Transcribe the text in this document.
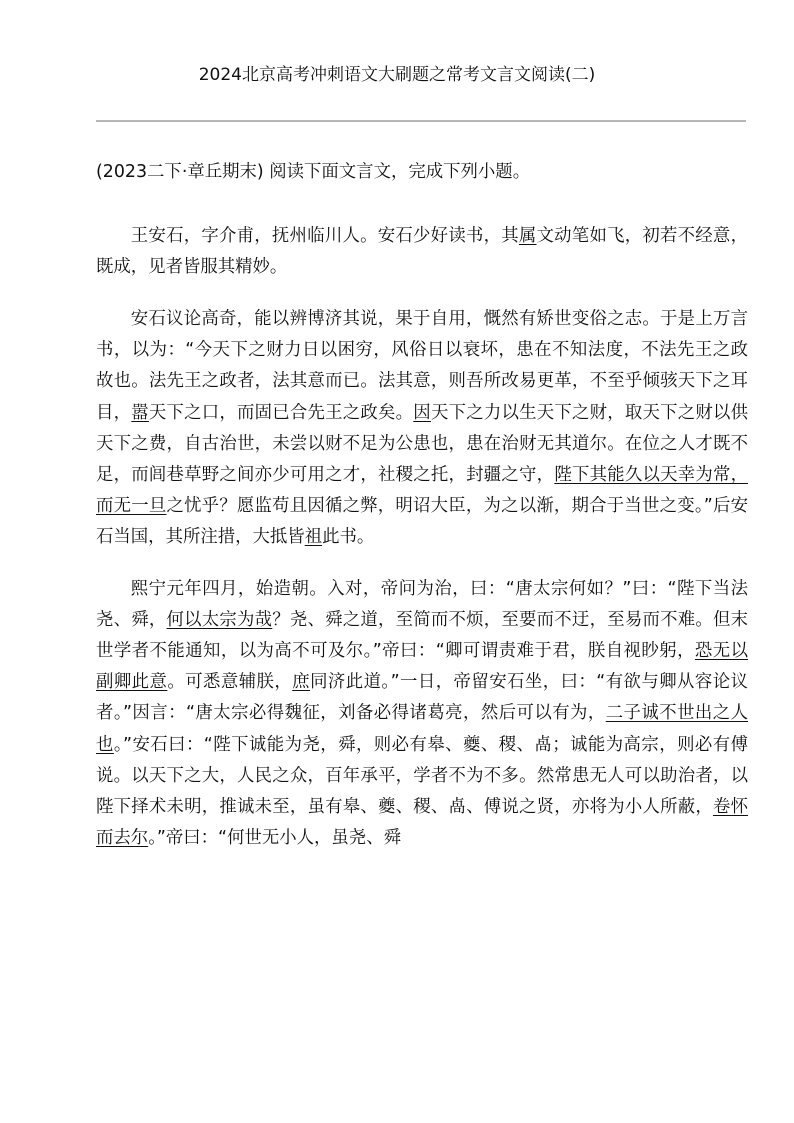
2024北京高考冲刺语文大刷题之常考文言文阅读(二)

(2023二下·章丘期末) 阅读下面文言文，完成下列小题。

王安石，字介甫，抚州临川人。安石少好读书，其属文动笔如飞，初若不经意，既成，见者皆服其精妙。

安石议论高奇，能以辨博济其说，果于自用，慨然有矫世变俗之志。于是上万言书，以为：“今天下之财力日以困穷，风俗日以衰坏，患在不知法度，不法先王之政故也。法先王之政者，法其意而已。法其意，则吾所改易更革，不至乎倾骇天下之耳目，嚣天下之口，而固已合先王之政矣。因天下之力以生天下之财，取天下之财以供天下之费，自古治世，未尝以财不足为公患也，患在治财无其道尔。在位之人才既不足，而闾巷草野之间亦少可用之才，社稷之托，封疆之守，陛下其能久以天幸为常，而无一旦之忧乎？愿监苟且因循之弊，明诏大臣，为之以渐，期合于当世之变。”后安石当国，其所注措，大抵皆祖此书。

熙宁元年四月，始造朝。入对，帝问为治，曰：“唐太宗何如？”曰：“陛下当法尧、舜，何以太宗为哉？尧、舜之道，至简而不烦，至要而不迂，至易而不难。但末世学者不能通知，以为高不可及尔。”帝曰：“卿可谓责难于君，朕自视眇躬，恐无以副卿此意。可悉意辅朕，庶同济此道。”一日，帝留安石坐，曰：“有欲与卿从容论议者。”因言：“唐太宗必得魏征，刘备必得诸葛亮，然后可以有为，二子诚不世出之人也。”安石曰：“陛下诚能为尧，舜，则必有皋、夔、稷、卨；诚能为高宗，则必有傅说。以天下之大，人民之众，百年承平，学者不为不多。然常患无人可以助治者，以陛下择术未明，推诚未至，虽有皋、夔、稷、卨、傅说之贤，亦将为小人所蔽，卷怀而去尔。”帝曰：“何世无小人，虽尧、舜
